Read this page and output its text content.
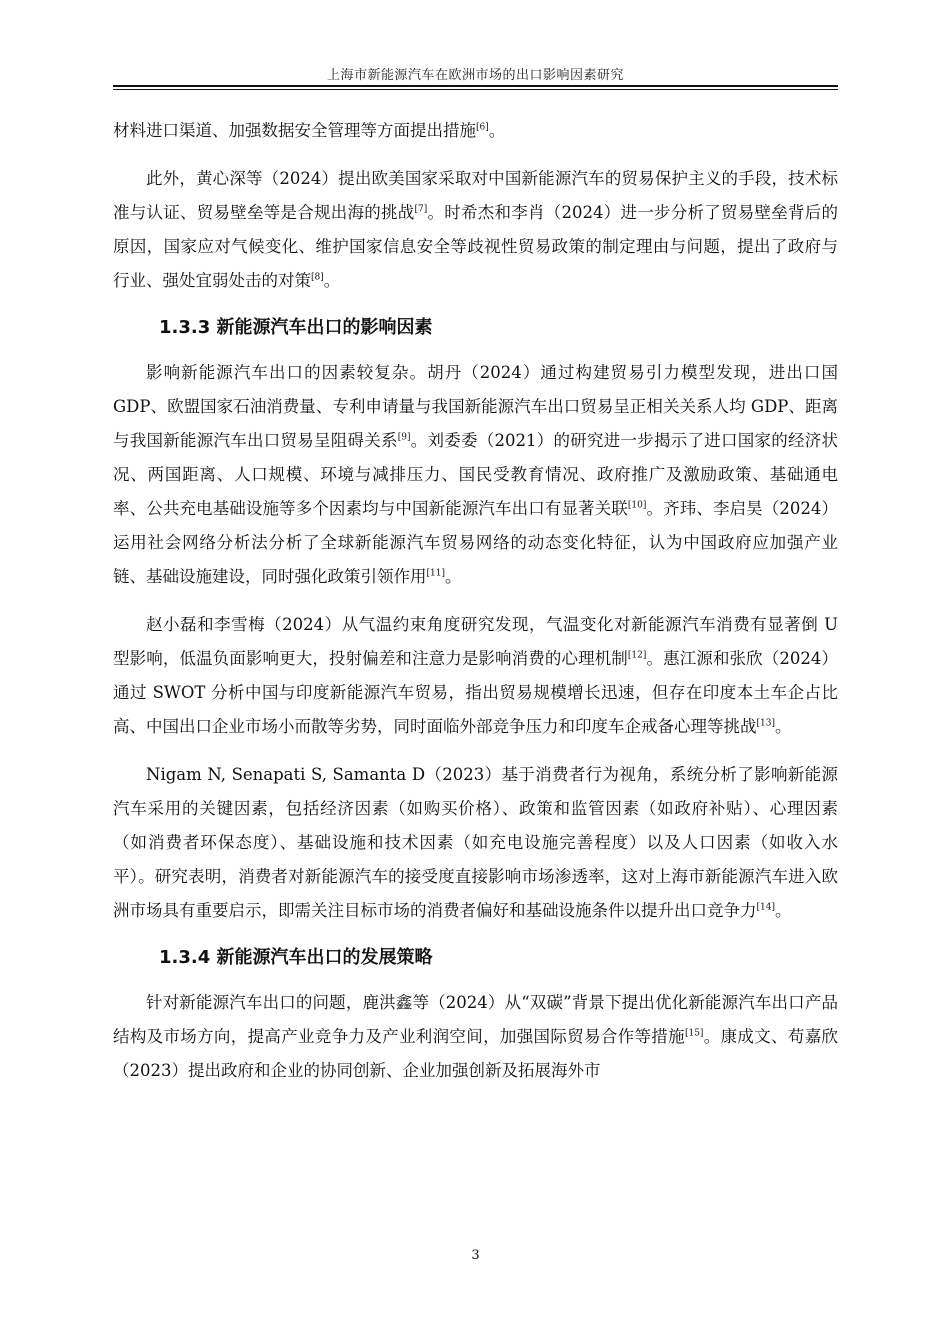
上海市新能源汽车在欧洲市场的出口影响因素研究

材料进口渠道、加强数据安全管理等方面提出措施[6]。

此外，黄心深等（2024）提出欧美国家采取对中国新能源汽车的贸易保护主义的手段，技术标准与认证、贸易壁垒等是合规出海的挑战[7]。时希杰和李肖（2024）进一步分析了贸易壁垒背后的原因，国家应对气候变化、维护国家信息安全等歧视性贸易政策的制定理由与问题，提出了政府与行业、强处宜弱处击的对策[8]。

1.3.3 新能源汽车出口的影响因素

影响新能源汽车出口的因素较复杂。胡丹（2024）通过构建贸易引力模型发现，进出口国 GDP、欧盟国家石油消费量、专利申请量与我国新能源汽车出口贸易呈正相关关系人均 GDP、距离与我国新能源汽车出口贸易呈阻碍关系[9]。刘委委（2021）的研究进一步揭示了进口国家的经济状况、两国距离、人口规模、环境与减排压力、国民受教育情况、政府推广及激励政策、基础通电率、公共充电基础设施等多个因素均与中国新能源汽车出口有显著关联[10]。齐玮、李启昊（2024）运用社会网络分析法分析了全球新能源汽车贸易网络的动态变化特征，认为中国政府应加强产业链、基础设施建设，同时强化政策引领作用[11]。

赵小磊和李雪梅（2024）从气温约束角度研究发现，气温变化对新能源汽车消费有显著倒 U 型影响，低温负面影响更大，投射偏差和注意力是影响消费的心理机制[12]。惠江源和张欣（2024）通过 SWOT 分析中国与印度新能源汽车贸易，指出贸易规模增长迅速，但存在印度本土车企占比高、中国出口企业市场小而散等劣势，同时面临外部竞争压力和印度车企戒备心理等挑战[13]。

Nigam N, Senapati S, Samanta D（2023）基于消费者行为视角，系统分析了影响新能源汽车采用的关键因素，包括经济因素（如购买价格）、政策和监管因素（如政府补贴）、心理因素（如消费者环保态度）、基础设施和技术因素（如充电设施完善程度）以及人口因素（如收入水平）。研究表明，消费者对新能源汽车的接受度直接影响市场渗透率，这对上海市新能源汽车进入欧洲市场具有重要启示，即需关注目标市场的消费者偏好和基础设施条件以提升出口竞争力[14]。

1.3.4 新能源汽车出口的发展策略

针对新能源汽车出口的问题，鹿洪鑫等（2024）从“双碳”背景下提出优化新能源汽车出口产品结构及市场方向，提高产业竞争力及产业利润空间，加强国际贸易合作等措施[15]。康成文、苟嘉欣（2023）提出政府和企业的协同创新、企业加强创新及拓展海外市

3
